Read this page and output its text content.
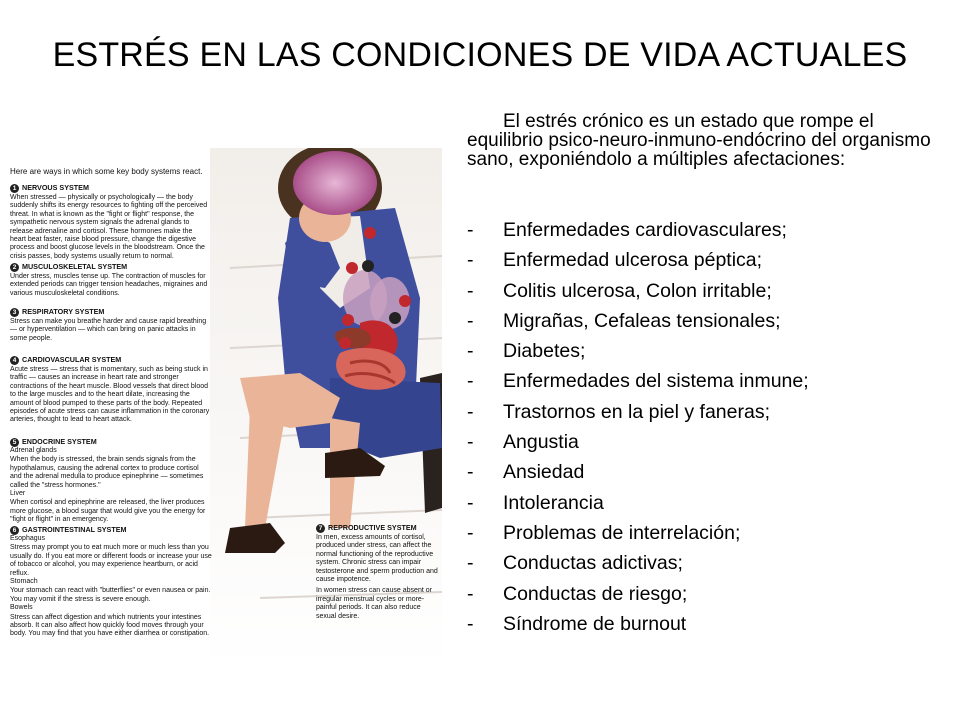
ESTRÉS EN LAS CONDICIONES DE VIDA ACTUALES
Here are ways in which some key body systems react.
1 NERVOUS SYSTEM
When stressed — physically or psychologically — the body suddenly shifts its energy resources to fighting off the perceived threat. In what is known as the "fight or flight" response, the sympathetic nervous system signals the adrenal glands to release adrenaline and cortisol. These hormones make the heart beat faster, raise blood pressure, change the digestive process and boost glucose levels in the bloodstream. Once the crisis passes, body systems usually return to normal.
2 MUSCULOSKELETAL SYSTEM
Under stress, muscles tense up. The contraction of muscles for extended periods can trigger tension headaches, migraines and various musculoskeletal conditions.
3 RESPIRATORY SYSTEM
Stress can make you breathe harder and cause rapid breathing — or hyperventilation — which can bring on panic attacks in some people.
4 CARDIOVASCULAR SYSTEM
Acute stress — stress that is momentary, such as being stuck in traffic — causes an increase in heart rate and stronger contractions of the heart muscle. Blood vessels that direct blood to the large muscles and to the heart dilate, increasing the amount of blood pumped to these parts of the body. Repeated episodes of acute stress can cause inflammation in the coronary arteries, thought to lead to heart attack.
5 ENDOCRINE SYSTEM
Adrenal glands
When the body is stressed, the brain sends signals from the hypothalamus, causing the adrenal cortex to produce cortisol and the adrenal medulla to produce epinephrine — sometimes called the "stress hormones."
Liver
When cortisol and epinephrine are released, the liver produces more glucose, a blood sugar that would give you the energy for "fight or flight" in an emergency.
6 GASTROINTESTINAL SYSTEM
Esophagus
Stress may prompt you to eat much more or much less than you usually do. If you eat more or different foods or increase your use of tobacco or alcohol, you may experience heartburn, or acid reflux.
Stomach
Your stomach can react with "butterflies" or even nausea or pain. You may vomit if the stress is severe enough.
Bowels
Stress can affect digestion and which nutrients your intestines absorb. It can also affect how quickly food moves through your body. You may find that you have either diarrhea or constipation.
7 REPRODUCTIVE SYSTEM
In men, excess amounts of cortisol, produced under stress, can affect the normal functioning of the reproductive system. Chronic stress can impair testosterone and sperm production and cause impotence.
In women stress can cause absent or irregular menstrual cycles or more-painful periods. It can also reduce sexual desire.

El estrés crónico es un estado que rompe el equilibrio psico-neuro-inmuno-endócrino del organismo sano, exponiéndolo a múltiples afectaciones:

-	Enfermedades cardiovasculares;
-	Enfermedad ulcerosa péptica;
-	Colitis ulcerosa, Colon irritable;
-	Migrañas, Cefaleas tensionales;
-	Diabetes;
-	Enfermedades del sistema inmune;
-	Trastornos en la piel y faneras;
-	Angustia
-	Ansiedad
-	Intolerancia
-	Problemas de interrelación;
-	Conductas adictivas;
-	Conductas de riesgo;
-	Síndrome de burnout
